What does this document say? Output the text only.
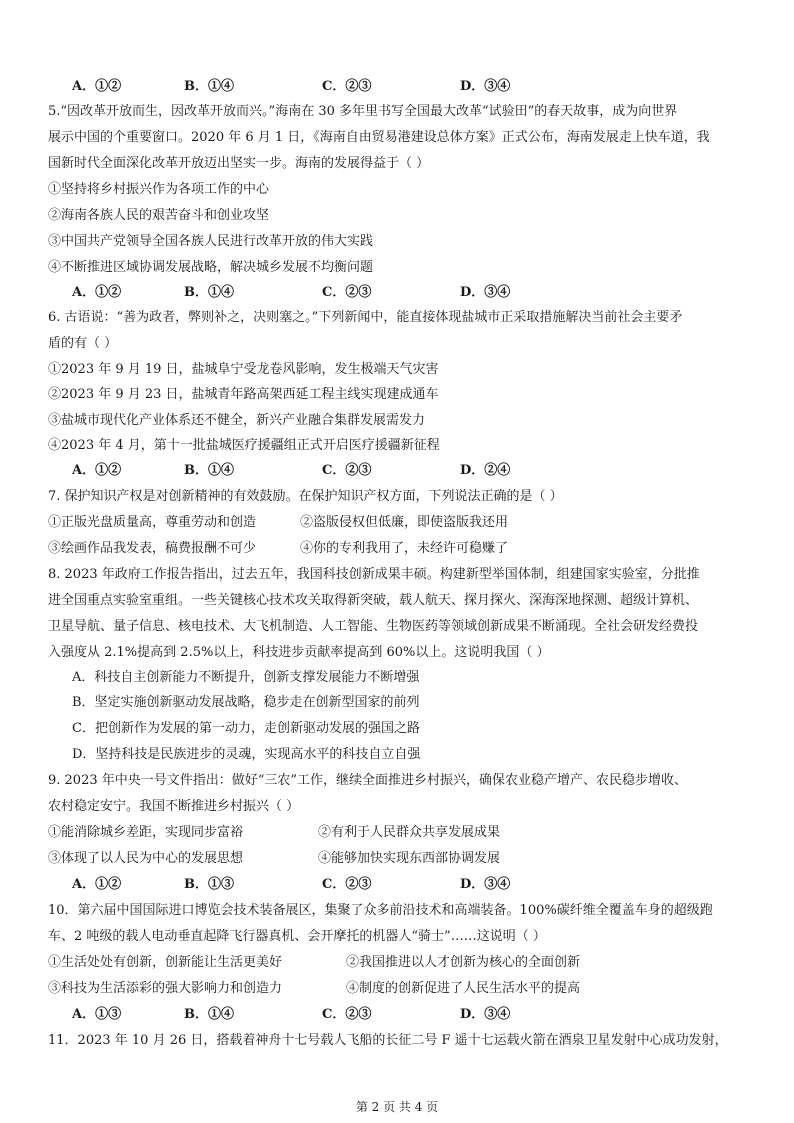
A．①②	B．①④	C．②③	D．③④
5.“因改革开放而生，因改革开放而兴。”海南在 30 多年里书写全国最大改革“试验田”的春天故事，成为向世界
展示中国的个重要窗口。2020 年 6 月 1 日，《海南自由贸易港建设总体方案》正式公布，海南发展走上快车道，我
国新时代全面深化改革开放迈出坚实一步。海南的发展得益于（ ）
①坚持将乡村振兴作为各项工作的中心
②海南各族人民的艰苦奋斗和创业攻坚
③中国共产党领导全国各族人民进行改革开放的伟大实践
④不断推进区域协调发展战略，解决城乡发展不均衡问题
A．①②	B．①④	C．②③	D．③④
6. 古语说：“善为政者，弊则补之，决则塞之。”下列新闻中，能直接体现盐城市正采取措施解决当前社会主要矛
盾的有（ ）
①2023 年 9 月 19 日，盐城阜宁受龙卷风影响，发生极端天气灾害
②2023 年 9 月 23 日，盐城青年路高架西延工程主线实现建成通车
③盐城市现代化产业体系还不健全，新兴产业融合集群发展需发力
④2023 年 4 月，第十一批盐城医疗援疆组正式开启医疗援疆新征程
A．①②	B．①④	C．②③	D．②④
7. 保护知识产权是对创新精神的有效鼓励。在保护知识产权方面，下列说法正确的是（ ）
①正版光盘质量高，尊重劳动和创造	②盗版侵权但低廉，即使盗版我还用
③绘画作品我发表，稿费报酬不可少	④你的专利我用了，未经许可稳赚了
8. 2023 年政府工作报告指出，过去五年，我国科技创新成果丰硕。构建新型举国体制，组建国家实验室，分批推
进全国重点实验室重组。一些关键核心技术攻关取得新突破，载人航天、探月探火、深海深地探测、超级计算机、
卫星导航、量子信息、核电技术、大飞机制造、人工智能、生物医药等领域创新成果不断涌现。全社会研发经费投
入强度从 2.1%提高到 2.5%以上，科技进步贡献率提高到 60%以上。这说明我国（ ）
A．科技自主创新能力不断提升，创新支撑发展能力不断增强
B．坚定实施创新驱动发展战略，稳步走在创新型国家的前列
C．把创新作为发展的第一动力，走创新驱动发展的强国之路
D．坚持科技是民族进步的灵魂，实现高水平的科技自立自强
9. 2023 年中央一号文件指出：做好“三农”工作，继续全面推进乡村振兴，确保农业稳产增产、农民稳步增收、
农村稳定安宁。我国不断推进乡村振兴（ ）
①能消除城乡差距，实现同步富裕	②有利于人民群众共享发展成果
③体现了以人民为中心的发展思想	④能够加快实现东西部协调发展
A．①②	B．①③	C．②③	D．③④
10．第六届中国国际进口博览会技术装备展区，集聚了众多前沿技术和高端装备。100%碳纤维全覆盖车身的超级跑
车、2 吨级的载人电动垂直起降飞行器真机、会开摩托的机器人“骑士”……这说明（ ）
①生活处处有创新，创新能让生活更美好	②我国推进以人才创新为核心的全面创新
③科技为生活添彩的强大影响力和创造力	④制度的创新促进了人民生活水平的提高
A．①③	B．①④	C．②③	D．③④
11．2023 年 10 月 26 日，搭载着神舟十七号载人飞船的长征二号 F 遥十七运载火箭在酒泉卫星发射中心成功发射，
第 2 页 共 4 页
